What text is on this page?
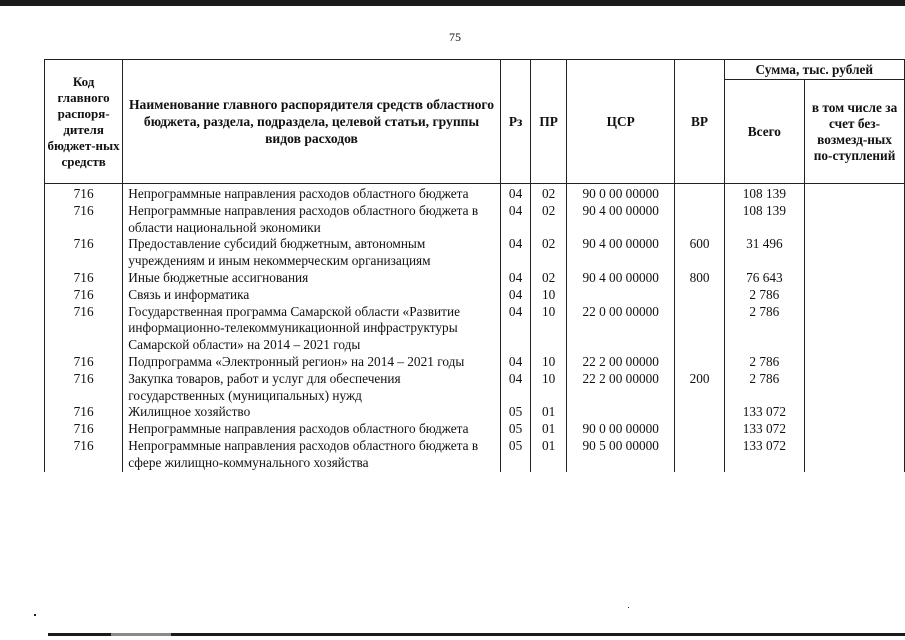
75
Код главного распоря-дителя бюджет-ных средств	Наименование главного распорядителя средств областного бюджета, раздела, подраздела, целевой статьи, группы видов расходов	Рз	ПР	ЦСР	ВР	Сумма, тыс. рублей	
						Всего	в том числе за счет без-возмезд-ных по-ступлений
716	Непрограммные направления расходов областного бюджета	04	02	90 0 00 00000		108 139	
716	Непрограммные направления расходов областного бюджета в области национальной экономики	04	02	90 4 00 00000		108 139	
716	Предоставление субсидий бюджетным, автономным учреждениям и иным некоммерческим организациям	04	02	90 4 00 00000	600	31 496	
716	Иные бюджетные ассигнования	04	02	90 4 00 00000	800	76 643	
716	Связь и информатика	04	10			2 786	
716	Государственная программа Самарской области «Развитие информационно-телекоммуникационной инфраструктуры Самарской области» на 2014 – 2021 годы	04	10	22 0 00 00000		2 786	
716	Подпрограмма «Электронный регион» на 2014 – 2021 годы	04	10	22 2 00 00000		2 786	
716	Закупка товаров, работ и услуг для обеспечения государственных (муниципальных) нужд	04	10	22 2 00 00000	200	2 786	
716	Жилищное хозяйство	05	01			133 072	
716	Непрограммные направления расходов областного бюджета	05	01	90 0 00 00000		133 072	
716	Непрограммные направления расходов областного бюджета в сфере жилищно-коммунального хозяйства	05	01	90 5 00 00000		133 072	
